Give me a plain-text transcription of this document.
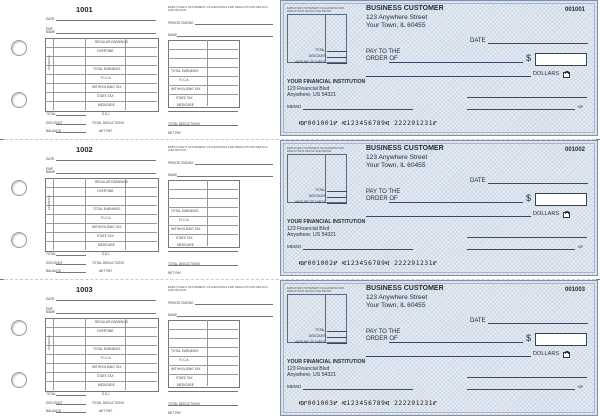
1001
DATE
EMP
NAME
EARNINGS
REGULAR EARNINGS
OVERTIME
TOTAL EARNINGS
F.I.C.A.
WITHHOLDING TAX
STATE TAX
MEDICARE
TOTAL	S.D.I.
DISCOUNT	TOTAL DEDUCTIONS
BALANCE	NET PAY
EMPLOYEE'S STATEMENT OF EARNINGS AND DEDUCTIONS DETACH AND RETAIN
PERIOD ENDING
NAME
TOTAL EARNINGS
F.I.C.A.
WITHHOLDING TAX
STATE TAX
MEDICARE
TOTAL DEDUCTIONS
NET PAY
EMPLOYEE'S STATEMENT OF EARNINGS AND DEDUCTIONS DETACH AND RETAIN
TOTAL
DISCOUNT
AMOUNT OF CHECK
BUSINESS CUSTOMER
123 Anywhere Street
Your Town, IL 60455
001001
DATE
PAY TO THE
ORDER OF	$
DOLLARS
YOUR FINANCIAL INSTITUTION
123 Financial Blvd
Anywhere, US 54321
MEMO	MP
⑆⑈001001⑈ ⑆123456789⑆ 222291231⑈
1002
DATE
EMP
NAME
EARNINGS
REGULAR EARNINGS
OVERTIME
TOTAL EARNINGS
F.I.C.A.
WITHHOLDING TAX
STATE TAX
MEDICARE
TOTAL	S.D.I.
DISCOUNT	TOTAL DEDUCTIONS
BALANCE	NET PAY
EMPLOYEE'S STATEMENT OF EARNINGS AND DEDUCTIONS DETACH AND RETAIN
PERIOD ENDING
NAME
TOTAL EARNINGS
F.I.C.A.
WITHHOLDING TAX
STATE TAX
MEDICARE
TOTAL DEDUCTIONS
NET PAY
EMPLOYEE'S STATEMENT OF EARNINGS AND DEDUCTIONS DETACH AND RETAIN
TOTAL
DISCOUNT
AMOUNT OF CHECK
BUSINESS CUSTOMER
123 Anywhere Street
Your Town, IL 60455
001002
DATE
PAY TO THE
ORDER OF	$
DOLLARS
YOUR FINANCIAL INSTITUTION
123 Financial Blvd
Anywhere, US 54321
MEMO	MP
⑆⑈001002⑈ ⑆123456789⑆ 222291231⑈
1003
DATE
EMP
NAME
EARNINGS
REGULAR EARNINGS
OVERTIME
TOTAL EARNINGS
F.I.C.A.
WITHHOLDING TAX
STATE TAX
MEDICARE
TOTAL	S.D.I.
DISCOUNT	TOTAL DEDUCTIONS
BALANCE	NET PAY
EMPLOYEE'S STATEMENT OF EARNINGS AND DEDUCTIONS DETACH AND RETAIN
PERIOD ENDING
NAME
TOTAL EARNINGS
F.I.C.A.
WITHHOLDING TAX
STATE TAX
MEDICARE
TOTAL DEDUCTIONS
NET PAY
EMPLOYEE'S STATEMENT OF EARNINGS AND DEDUCTIONS DETACH AND RETAIN
TOTAL
DISCOUNT
AMOUNT OF CHECK
BUSINESS CUSTOMER
123 Anywhere Street
Your Town, IL 60455
001003
DATE
PAY TO THE
ORDER OF	$
DOLLARS
YOUR FINANCIAL INSTITUTION
123 Financial Blvd
Anywhere, US 54321
MEMO	MP
⑆⑈001003⑈ ⑆123456789⑆ 222291231⑈
